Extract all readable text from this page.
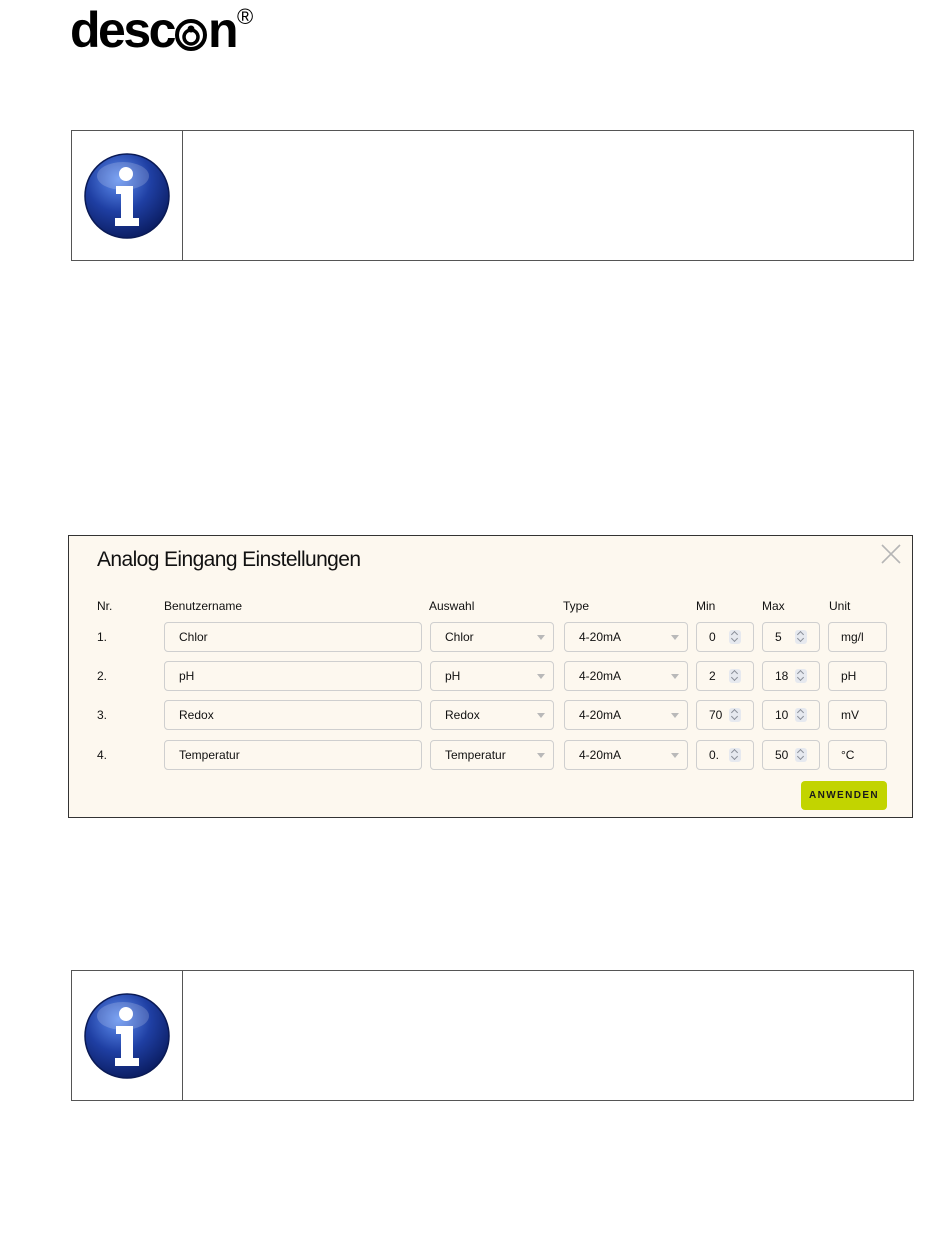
desc n ®
Analog Eingang Einstellungen
Nr.	Benutzername	Auswahl	Type	Min	Max	Unit
1.	Chlor	Chlor	4-20mA	0	5	mg/l
2.	pH	pH	4-20mA	2	18	pH
3.	Redox	Redox	4-20mA	70	10	mV
4.	Temperatur	Temperatur	4-20mA	0.	50	°C
ANWENDEN
